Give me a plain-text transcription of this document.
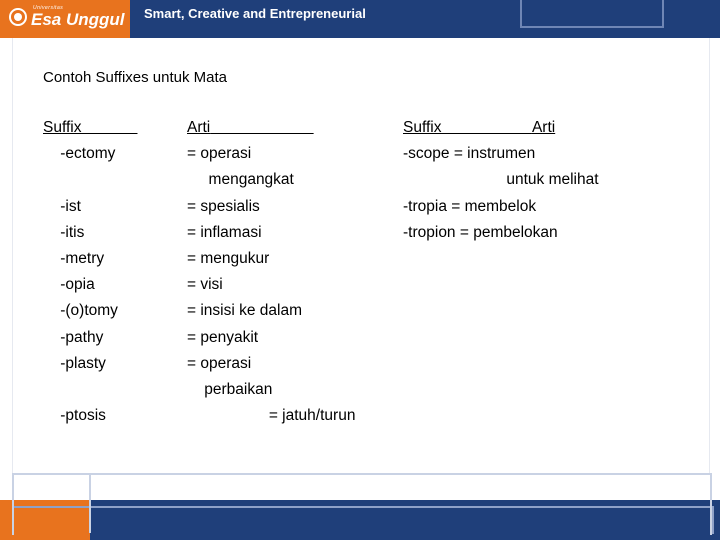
Universitas
Esa Unggul Smart, Creative and Entrepreneurial
Contoh Suffixes untuk Mata
Suffix
-ectomy

-ist
-itis
-metry
-opia
-(o)tomy
-pathy
-plasty

-ptosis
Arti
= operasi
mengangkat
= spesialis
= inflamasi
= mengukur
= visi
= insisi ke dalam
= penyakit
= operasi
perbaikan
= jatuh/turun
Suffix	Arti
-scope = instrumen
untuk melihat
-tropia = membelok
-tropion = pembelokan
